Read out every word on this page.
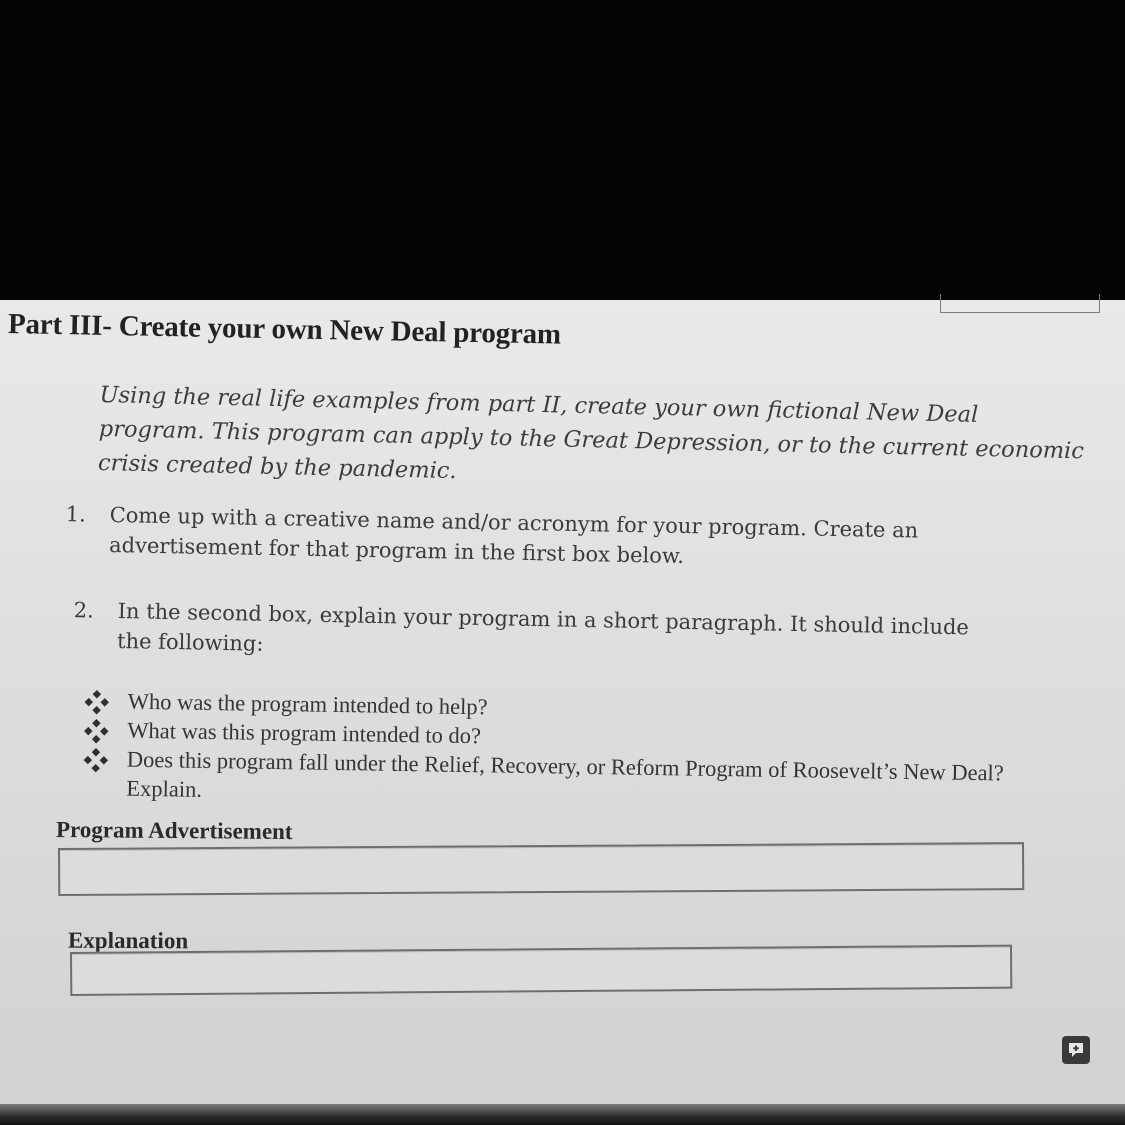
Part III- Create your own New Deal program

Using the real life examples from part II, create your own fictional New Deal program. This program can apply to the Great Depression, or to the current economic crisis created by the pandemic.

1. Come up with a creative name and/or acronym for your program. Create an advertisement for that program in the first box below.
2. In the second box, explain your program in a short paragraph. It should include the following:
Who was the program intended to help?
What was this program intended to do?
Does this program fall under the Relief, Recovery, or Reform Program of Roosevelt’s New Deal? Explain.
Program Advertisement
Explanation
